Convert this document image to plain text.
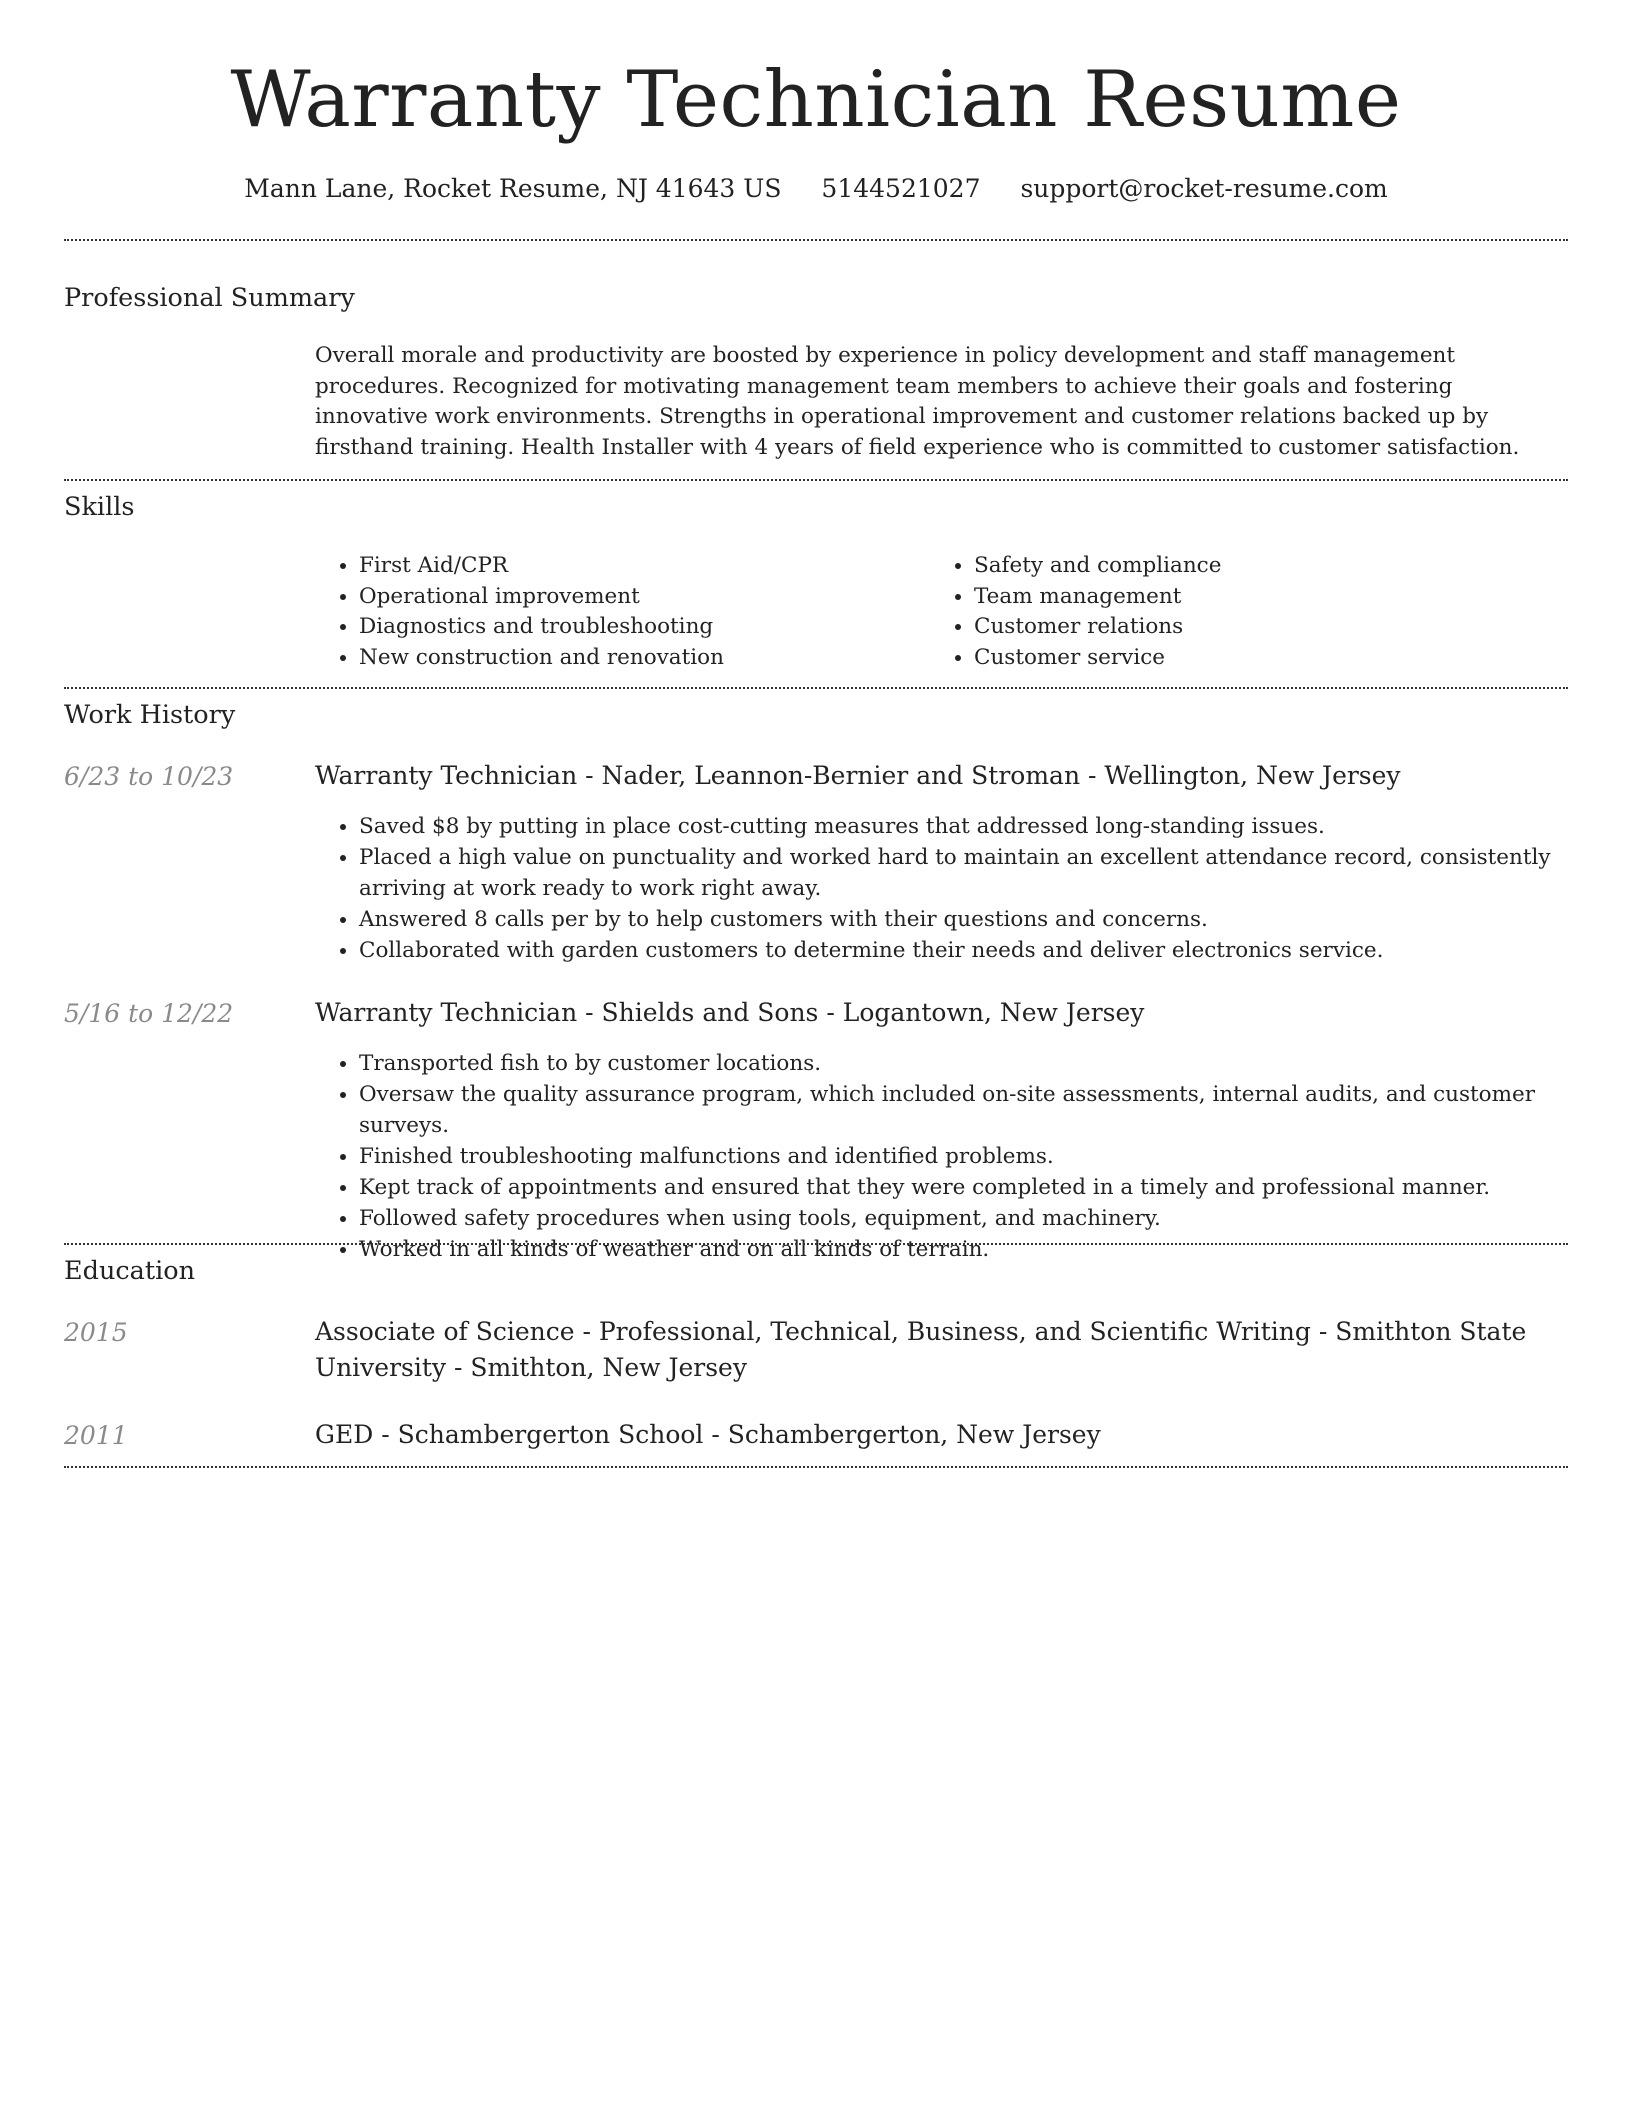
Warranty Technician Resume
Mann Lane, Rocket Resume, NJ 41643 US 5144521027 support@rocket-resume.com
Professional Summary
Overall morale and productivity are boosted by experience in policy development and staff management procedures. Recognized for motivating management team members to achieve their goals and fostering innovative work environments. Strengths in operational improvement and customer relations backed up by firsthand training. Health Installer with 4 years of field experience who is committed to customer satisfaction.
Skills
• First Aid/CPR
• Operational improvement
• Diagnostics and troubleshooting
• New construction and renovation
• Safety and compliance
• Team management
• Customer relations
• Customer service
Work History
6/23 to 10/23	Warranty Technician - Nader, Leannon-Bernier and Stroman - Wellington, New Jersey
• Saved $8 by putting in place cost-cutting measures that addressed long-standing issues.
• Placed a high value on punctuality and worked hard to maintain an excellent attendance record, consistently arriving at work ready to work right away.
• Answered 8 calls per by to help customers with their questions and concerns.
• Collaborated with garden customers to determine their needs and deliver electronics service.
5/16 to 12/22	Warranty Technician - Shields and Sons - Logantown, New Jersey
• Transported fish to by customer locations.
• Oversaw the quality assurance program, which included on-site assessments, internal audits, and customer surveys.
• Finished troubleshooting malfunctions and identified problems.
• Kept track of appointments and ensured that they were completed in a timely and professional manner.
• Followed safety procedures when using tools, equipment, and machinery.
• Worked in all kinds of weather and on all kinds of terrain.
Education
2015	Associate of Science - Professional, Technical, Business, and Scientific Writing - Smithton State University - Smithton, New Jersey
2011	GED - Schambergerton School - Schambergerton, New Jersey
